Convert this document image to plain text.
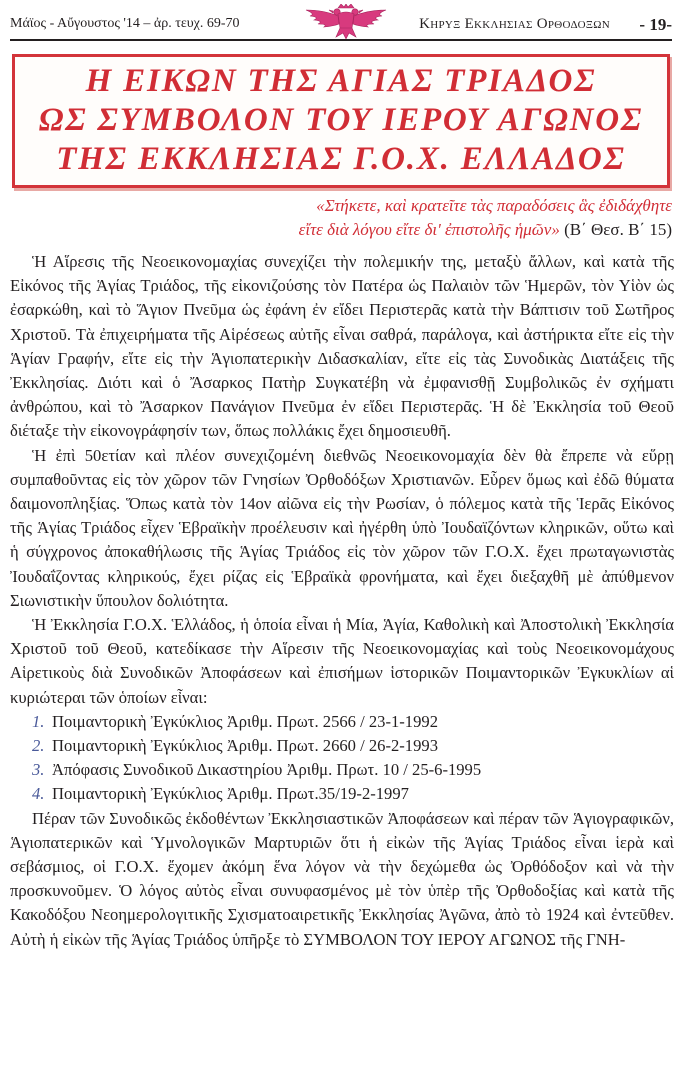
Μάϊος - Αὔγουστος '14 – ἀρ. τευχ. 69-70	Κηρυξ Εκκλησιας Ορθοδοξων - 19-
Η ΕΙΚΩΝ ΤΗΣ ΑΓΙΑΣ ΤΡΙΑΔΟΣ
ΩΣ ΣΥΜΒΟΛΟΝ ΤΟΥ ΙΕΡΟΥ ΑΓΩΝΟΣ
ΤΗΣ ΕΚΚΛΗΣΙΑΣ Γ.Ο.Χ. ΕΛΛΑΔΟΣ
«Στήκετε, καὶ κρατεῖτε τὰς παραδόσεις ἃς ἐδιδάχθητε
εἴτε διὰ λόγου εἴτε δι' ἐπιστολῆς ἡμῶν» (Β΄ Θεσ. Β΄ 15)

Ἡ Αἵρεσις τῆς Νεοεικονομαχίας συνεχίζει τὴν πολεμικήν της, μεταξὺ ἄλλων, καὶ κατὰ τῆς Εἰκόνος τῆς Ἁγίας Τριάδος, τῆς εἰκονιζούσης τὸν Πατέρα ὡς Παλαιὸν τῶν Ἡμερῶν, τὸν Υἱὸν ὡς ἐσαρκώθη, καὶ τὸ Ἅγιον Πνεῦμα ὡς ἐφάνη ἐν εἴδει Περιστερᾶς κατὰ τὴν Βάπτισιν τοῦ Σωτῆρος Χριστοῦ. Τὰ ἐπιχειρήματα τῆς Αἱρέσεως αὐτῆς εἶναι σαθρά, παράλογα, καὶ ἀστήρικτα εἴτε εἰς τὴν Ἁγίαν Γραφήν, εἴτε εἰς τὴν Ἁγιοπατερικὴν Διδασκαλίαν, εἴτε εἰς τὰς Συνοδικὰς Διατάξεις τῆς Ἐκκλησίας. Διότι καὶ ὁ Ἄσαρκος Πατὴρ Συγκατέβη νὰ ἐμφανισθῇ Συμβολικῶς ἐν σχήματι ἀνθρώπου, καὶ τὸ Ἄσαρκον Πανάγιον Πνεῦμα ἐν εἴδει Περιστερᾶς. Ἡ δὲ Ἐκκλησία τοῦ Θεοῦ διέταξε τὴν εἰκονογράφησίν των, ὅπως πολλάκις ἔχει δημοσιευθῆ.

Ἡ ἐπὶ 50ετίαν καὶ πλέον συνεχιζομένη διεθνῶς Νεοεικονομαχία δὲν θὰ ἔπρεπε νὰ εὕρῃ συμπαθοῦντας εἰς τὸν χῶρον τῶν Γνησίων Ὀρθοδόξων Χριστιανῶν. Εὗρεν ὅμως καὶ ἐδῶ θύματα δαιμονοπληξίας. Ὅπως κατὰ τὸν 14ον αἰῶνα εἰς τὴν Ρωσίαν, ὁ πόλεμος κατὰ τῆς Ἱερᾶς Εἰκόνος τῆς Ἁγίας Τριάδος εἶχεν Ἑβραϊκὴν προέλευσιν καὶ ἠγέρθη ὑπὸ Ἰουδαϊζόντων κληρικῶν, οὕτω καὶ ἡ σύγχρονος ἀποκαθήλωσις τῆς Ἁγίας Τριάδος εἰς τὸν χῶρον τῶν Γ.Ο.Χ. ἔχει πρωταγωνιστὰς Ἰουδαΐζοντας κληρικούς, ἔχει ρίζας εἰς Ἑβραϊκὰ φρονήματα, καὶ ἔχει διεξαχθῆ μὲ ἀπύθμενον Σιωνιστικὴν ὕπουλον δολιότητα.

Ἡ Ἐκκλησία Γ.Ο.Χ. Ἑλλάδος, ἡ ὁποία εἶναι ἡ Μία, Ἁγία, Καθολικὴ καὶ Ἀποστολικὴ Ἐκκλησία Χριστοῦ τοῦ Θεοῦ, κατεδίκασε τὴν Αἵρεσιν τῆς Νεοεικονομαχίας καὶ τοὺς Νεοεικονομάχους Αἱρετικοὺς διὰ Συνοδικῶν Ἀποφάσεων καὶ ἐπισήμων ἱστορικῶν Ποιμαντορικῶν Ἐγκυκλίων αἱ κυριώτεραι τῶν ὁποίων εἶναι:

1. Ποιμαντορικὴ Ἐγκύκλιος Ἀριθμ. Πρωτ. 2566 / 23-1-1992
2. Ποιμαντορικὴ Ἐγκύκλιος Ἀριθμ. Πρωτ. 2660 / 26-2-1993
3. Ἀπόφασις Συνοδικοῦ Δικαστηρίου Ἀριθμ. Πρωτ. 10 / 25-6-1995
4. Ποιμαντορικὴ Ἐγκύκλιος Ἀριθμ. Πρωτ.35/19-2-1997

Πέραν τῶν Συνοδικῶς ἐκδοθέντων Ἐκκλησιαστικῶν Ἀποφάσεων καὶ πέραν τῶν Ἁγιογραφικῶν, Ἁγιοπατερικῶν καὶ Ὑμνολογικῶν Μαρτυριῶν ὅτι ἡ εἰκὼν τῆς Ἁγίας Τριάδος εἶναι ἱερὰ καὶ σεβάσμιος, οἱ Γ.Ο.Χ. ἔχομεν ἀκόμη ἕνα λόγον νὰ τὴν δεχώμεθα ὡς Ὀρθόδοξον καὶ νὰ τὴν προσκυνοῦμεν. Ὁ λόγος αὐτὸς εἶναι συνυφασμένος μὲ τὸν ὑπὲρ τῆς Ὀρθοδοξίας καὶ κατὰ τῆς Κακοδόξου Νεοημερολογιτικῆς Σχισματοαιρετικῆς Ἐκκλησίας Ἀγῶνα, ἀπὸ τὸ 1924 καὶ ἐντεῦθεν. Αὐτὴ ἡ εἰκὼν τῆς Ἁγίας Τριάδος ὑπῆρξε τὸ ΣΥΜΒΟΛΟΝ ΤΟΥ ΙΕΡΟΥ ΑΓΩΝΟΣ τῆς ΓΝΗ-
